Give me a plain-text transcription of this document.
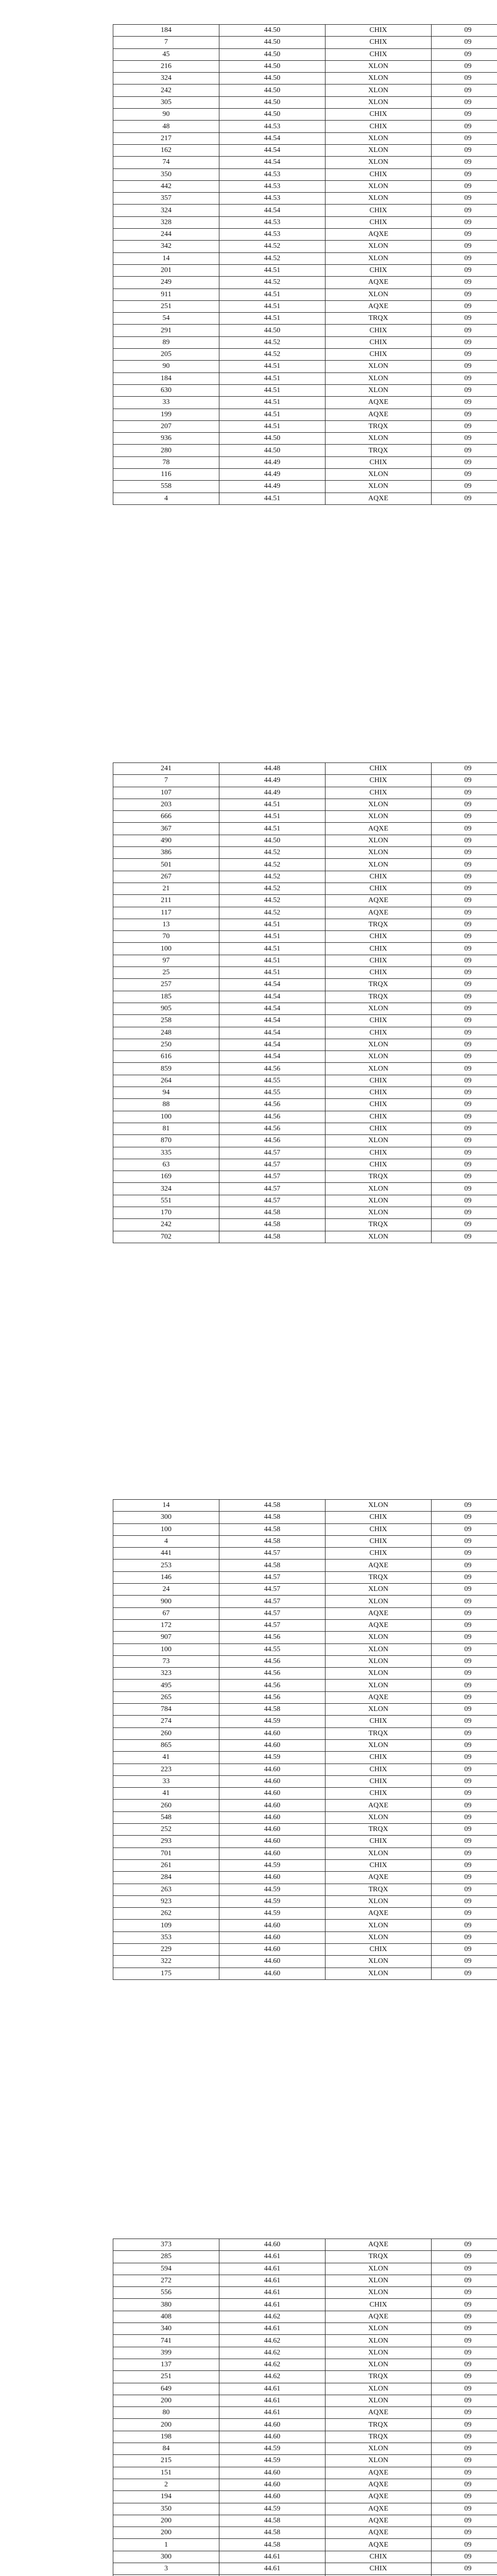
184	44.50	CHIX	09
7	44.50	CHIX	09
45	44.50	CHIX	09
216	44.50	XLON	09
324	44.50	XLON	09
242	44.50	XLON	09
305	44.50	XLON	09
90	44.50	CHIX	09
48	44.53	CHIX	09
217	44.54	XLON	09
162	44.54	XLON	09
74	44.54	XLON	09
350	44.53	CHIX	09
442	44.53	XLON	09
357	44.53	XLON	09
324	44.54	CHIX	09
328	44.53	CHIX	09
244	44.53	AQXE	09
342	44.52	XLON	09
14	44.52	XLON	09
201	44.51	CHIX	09
249	44.52	AQXE	09
911	44.51	XLON	09
251	44.51	AQXE	09
54	44.51	TRQX	09
291	44.50	CHIX	09
89	44.52	CHIX	09
205	44.52	CHIX	09
90	44.51	XLON	09
184	44.51	XLON	09
630	44.51	XLON	09
33	44.51	AQXE	09
199	44.51	AQXE	09
207	44.51	TRQX	09
936	44.50	XLON	09
280	44.50	TRQX	09
78	44.49	CHIX	09
116	44.49	XLON	09
558	44.49	XLON	09
4	44.51	AQXE	09
241	44.48	CHIX	09
7	44.49	CHIX	09
107	44.49	CHIX	09
203	44.51	XLON	09
666	44.51	XLON	09
367	44.51	AQXE	09
490	44.50	XLON	09
386	44.52	XLON	09
501	44.52	XLON	09
267	44.52	CHIX	09
21	44.52	CHIX	09
211	44.52	AQXE	09
117	44.52	AQXE	09
13	44.51	TRQX	09
70	44.51	CHIX	09
100	44.51	CHIX	09
97	44.51	CHIX	09
25	44.51	CHIX	09
257	44.54	TRQX	09
185	44.54	TRQX	09
905	44.54	XLON	09
258	44.54	CHIX	09
248	44.54	CHIX	09
250	44.54	XLON	09
616	44.54	XLON	09
859	44.56	XLON	09
264	44.55	CHIX	09
94	44.55	CHIX	09
88	44.56	CHIX	09
100	44.56	CHIX	09
81	44.56	CHIX	09
870	44.56	XLON	09
335	44.57	CHIX	09
63	44.57	CHIX	09
169	44.57	TRQX	09
324	44.57	XLON	09
551	44.57	XLON	09
170	44.58	XLON	09
242	44.58	TRQX	09
702	44.58	XLON	09
14	44.58	XLON	09
300	44.58	CHIX	09
100	44.58	CHIX	09
4	44.58	CHIX	09
441	44.57	CHIX	09
253	44.58	AQXE	09
146	44.57	TRQX	09
24	44.57	XLON	09
900	44.57	XLON	09
67	44.57	AQXE	09
172	44.57	AQXE	09
907	44.56	XLON	09
100	44.55	XLON	09
73	44.56	XLON	09
323	44.56	XLON	09
495	44.56	XLON	09
265	44.56	AQXE	09
784	44.58	XLON	09
274	44.59	CHIX	09
260	44.60	TRQX	09
865	44.60	XLON	09
41	44.59	CHIX	09
223	44.60	CHIX	09
33	44.60	CHIX	09
41	44.60	CHIX	09
260	44.60	AQXE	09
548	44.60	XLON	09
252	44.60	TRQX	09
293	44.60	CHIX	09
701	44.60	XLON	09
261	44.59	CHIX	09
284	44.60	AQXE	09
263	44.59	TRQX	09
923	44.59	XLON	09
262	44.59	AQXE	09
109	44.60	XLON	09
353	44.60	XLON	09
229	44.60	CHIX	09
322	44.60	XLON	09
175	44.60	XLON	09
373	44.60	AQXE	09
285	44.61	TRQX	09
594	44.61	XLON	09
272	44.61	XLON	09
556	44.61	XLON	09
380	44.61	CHIX	09
408	44.62	AQXE	09
340	44.61	XLON	09
741	44.62	XLON	09
399	44.62	XLON	09
137	44.62	XLON	09
251	44.62	TRQX	09
649	44.61	XLON	09
200	44.61	XLON	09
80	44.61	AQXE	09
200	44.60	TRQX	09
198	44.60	TRQX	09
84	44.59	XLON	09
215	44.59	XLON	09
151	44.60	AQXE	09
2	44.60	AQXE	09
194	44.60	AQXE	09
350	44.59	AQXE	09
200	44.58	AQXE	09
200	44.58	AQXE	09
1	44.58	AQXE	09
300	44.61	CHIX	09
3	44.61	CHIX	09
